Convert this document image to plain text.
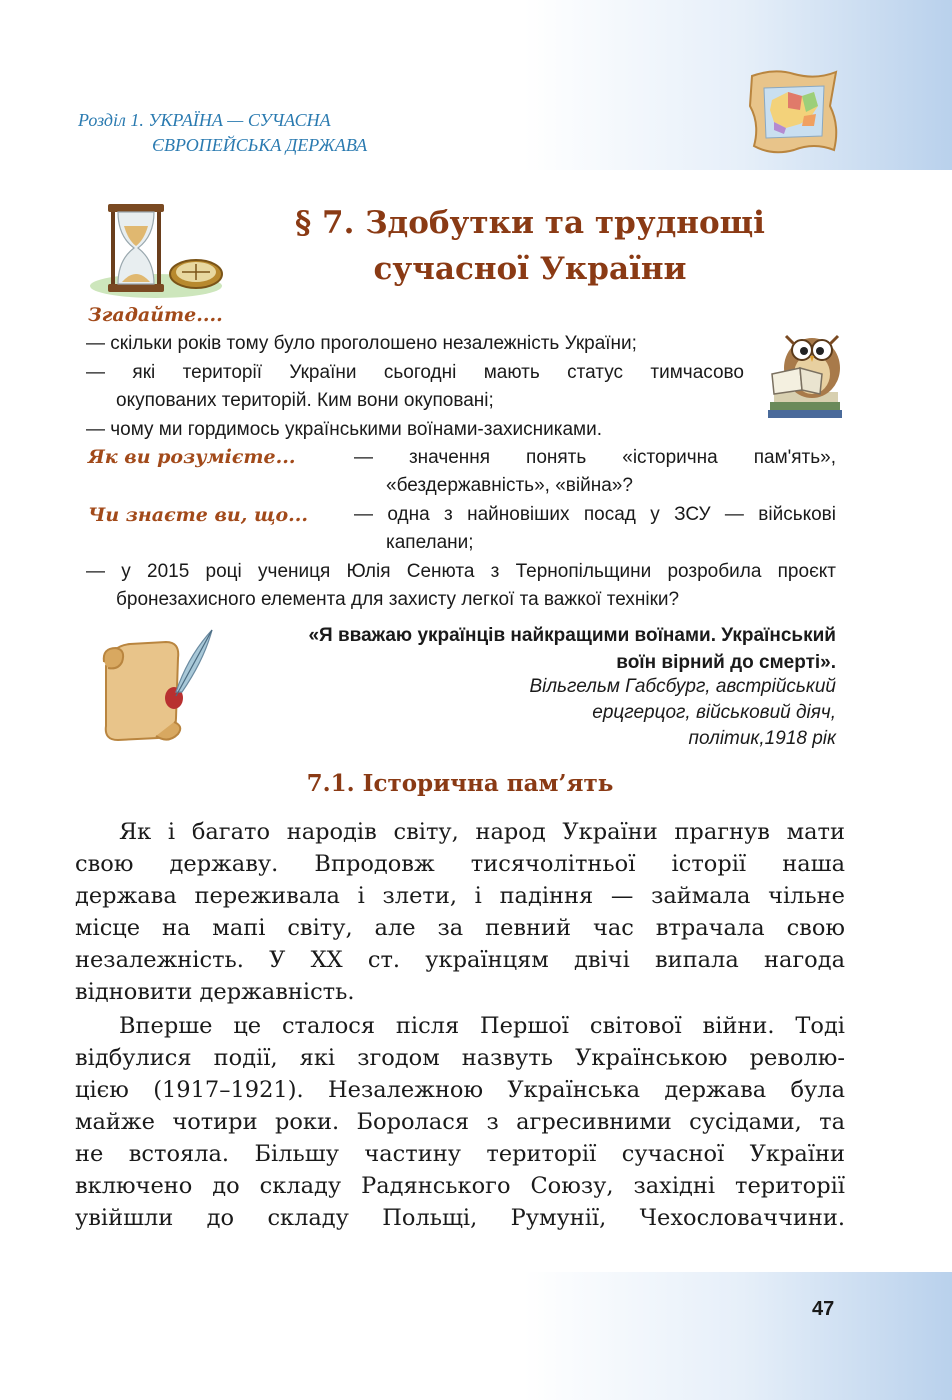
Розділ 1. УКРАЇНА — СУЧАСНА
ЄВРОПЕЙСЬКА ДЕРЖАВА
§ 7. Здобутки та труднощі
сучасної України
Згадайте....
— скільки років тому було проголошено незалежність України;
— які території України сьогодні мають статус тимчасово
окупованих територій. Ким вони окуповані;
— чому ми гордимось українськими воїнами-захисниками.
Як ви розумієте...	— значення понять «історична пам'ять»,
«бездержавність», «війна»?
Чи знаєте ви, що... — одна з найновіших посад у ЗСУ — військові
капелани;
— у 2015 році учениця Юлія Сенюта з Тернопільщини розробила проєкт
бронезахисного елемента для захисту легкої та важкої техніки?
«Я вважаю українців найкращими воїнами. Український
воїн вірний до смерті».
Вільгельм Габсбург, австрійський
ерцгерцог, військовий діяч,
політик,1918 рік
7.1. Історична пам’ять
Як і багато народів світу, народ України прагнув мати
свою державу. Впродовж тисячолітньої історії наша
держава переживала і злети, і падіння — займала чільне
місце на мапі світу, але за певний час втрачала свою
незалежність. У ХХ ст. українцям двічі випала нагода
відновити державність.
Вперше це сталося після Першої світової війни. Тоді
відбулися події, які згодом назвуть Українською револю-
цією (1917–1921). Незалежною Українська держава була
майже чотири роки. Боролася з агресивними сусідами, та
не встояла. Більшу частину території сучасної України
включено до складу Радянського Союзу, західні території
увійшли до складу Польщі, Румунії, Чехословаччини.
47
